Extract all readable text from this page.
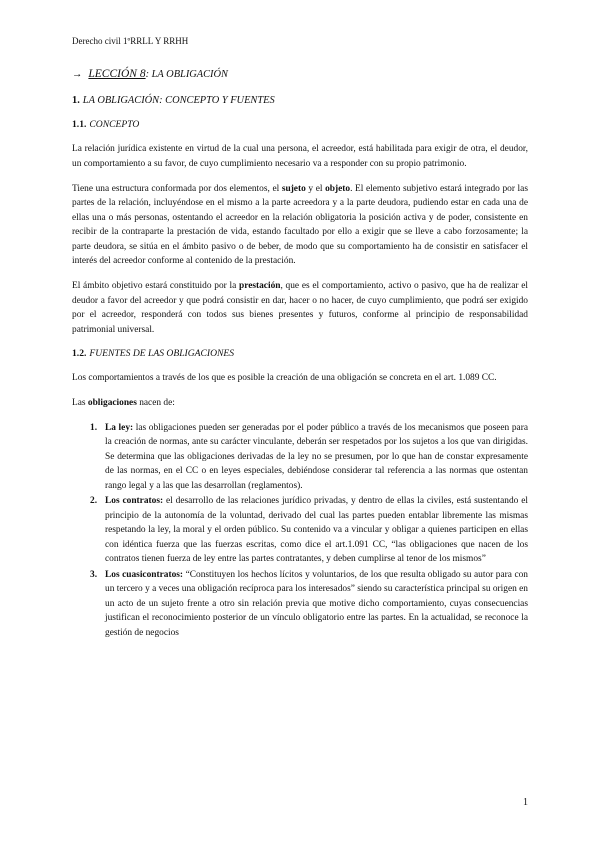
Derecho civil 1ºRRLL Y RRHH
→ LECCIÓN 8: LA OBLIGACIÓN
1. LA OBLIGACIÓN: CONCEPTO Y FUENTES
1.1. CONCEPTO

La relación jurídica existente en virtud de la cual una persona, el acreedor, está habilitada para exigir de otra, el deudor, un comportamiento a su favor, de cuyo cumplimiento necesario va a responder con su propio patrimonio.

Tiene una estructura conformada por dos elementos, el sujeto y el objeto. El elemento subjetivo estará integrado por las partes de la relación, incluyéndose en el mismo a la parte acreedora y a la parte deudora, pudiendo estar en cada una de ellas una o más personas, ostentando el acreedor en la relación obligatoria la posición activa y de poder, consistente en recibir de la contraparte la prestación de vida, estando facultado por ello a exigir que se lleve a cabo forzosamente; la parte deudora, se sitúa en el ámbito pasivo o de beber, de modo que su comportamiento ha de consistir en satisfacer el interés del acreedor conforme al contenido de la prestación.

El ámbito objetivo estará constituido por la prestación, que es el comportamiento, activo o pasivo, que ha de realizar el deudor a favor del acreedor y que podrá consistir en dar, hacer o no hacer, de cuyo cumplimiento, que podrá ser exigido por el acreedor, responderá con todos sus bienes presentes y futuros, conforme al principio de responsabilidad patrimonial universal.

1.2. FUENTES DE LAS OBLIGACIONES

Los comportamientos a través de los que es posible la creación de una obligación se concreta en el art. 1.089 CC.

Las obligaciones nacen de:

1. La ley: las obligaciones pueden ser generadas por el poder público a través de los mecanismos que poseen para la creación de normas, ante su carácter vinculante, deberán ser respetados por los sujetos a los que van dirigidas. Se determina que las obligaciones derivadas de la ley no se presumen, por lo que han de constar expresamente de las normas, en el CC o en leyes especiales, debiéndose considerar tal referencia a las normas que ostentan rango legal y a las que las desarrollan (reglamentos).
2. Los contratos: el desarrollo de las relaciones jurídico privadas, y dentro de ellas la civiles, está sustentando el principio de la autonomía de la voluntad, derivado del cual las partes pueden entablar libremente las mismas respetando la ley, la moral y el orden público. Su contenido va a vincular y obligar a quienes participen en ellas con idéntica fuerza que las fuerzas escritas, como dice el art.1.091 CC, “las obligaciones que nacen de los contratos tienen fuerza de ley entre las partes contratantes, y deben cumplirse al tenor de los mismos”
3. Los cuasicontratos: “Constituyen los hechos lícitos y voluntarios, de los que resulta obligado su autor para con un tercero y a veces una obligación recíproca para los interesados” siendo su característica principal su origen en un acto de un sujeto frente a otro sin relación previa que motive dicho comportamiento, cuyas consecuencias justifican el reconocimiento posterior de un vínculo obligatorio entre las partes. En la actualidad, se reconoce la gestión de negocios
1
